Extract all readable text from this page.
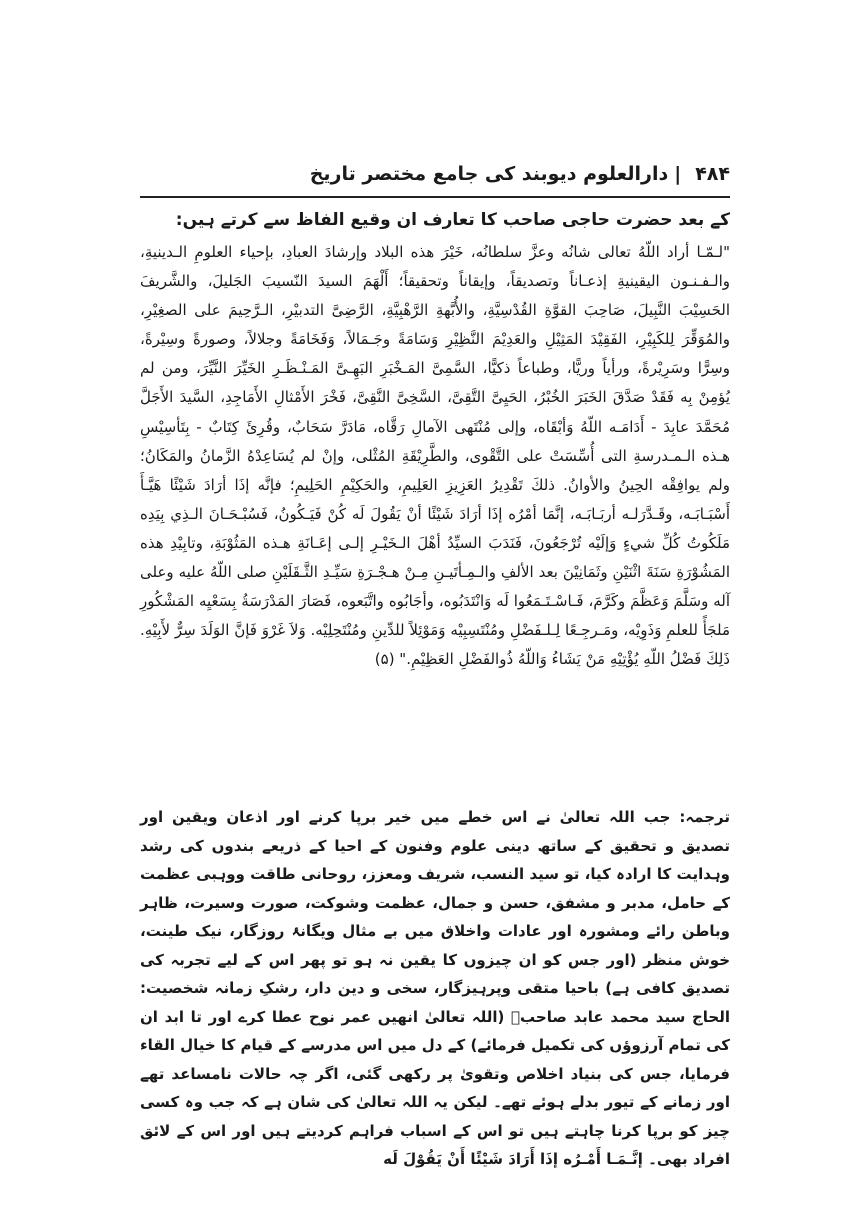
۴۸۴
|
دارالعلوم دیوبند کی جامع مختصر تاریخ
کے بعد حضرت حاجی صاحب کا تعارف ان وقیع الفاظ سے کرتے ہیں:
"لـمّـا أراد اللّهُ تعالی شانُه وعزَّ سلطانُه، خَیْرَ هذه البلاد وإرشادَ العبادِ، بإحیاء العلومِ الـدینیةِ، والـفـنـون الیقینیةِ إذعـاناً وتصدیقاً، وإیقاناً وتحقیقاً؛ أَلْهَمَ السیدَ النّسیبَ الجَلیلَ، والشَّریفَ الحَسِیْبَ النَّبِیلَ، صَاحِبَ القوَّةِ القُدْسِیَّةِ، والأُبَّهةِ الرَّهْبِیَّةِ، الرَّضِیَّ التدبیْرِ، الـرَّحِیمَ علی الصغِیْرِ، والمُوَقِّرَ لِلكَبِیْرِ، الفَقِیْدَ المَثِیْلِ والعَدِیْمَ النَّظِیْرِ وَسَامَةً وجَـمَالاً، وَفَخَامَةً وجلالاً، وصورةً وسِیْرةً، وسِرًّا وسَرِیْرةً، ورأیاً وریًّا، وطباعاً ذكیًّا، السَّمِیَّ المَـخْبَرِ البَهِـیَّ المَـنْـظَـرِ الخَیِّرَ النَّیِّرَ، ومن لم یُؤمِنْ بِه فَقَدْ صَدَّقَ الخَبَرَ الخُبْرُ، الحَیِیَّ التَّقِیَّ، السَّخِیَّ النَّقِیَّ، فَخْرَ الأَمْثالِ الأَمَاجِدِ، السَّیدَ الأَجَلَّ مُحَمَّدَ عابِدَ - أَدَامَـه اللّهُ وَأبْقَاه، وإلی مُنْتَهی الآمالِ رَقَّاه، مَادَرَّ سَحَابٌ، وقُرِئَ كِتَابٌ - بِتَأسِیْسِ هـذه الـمـدرسةِ التی أُسِّسَتْ علی التَّقْوی، والطَّرِیْقَةِ المُثْلی، وإنْ لم یُسَاعِدْهُ الزَّمانُ والمَكَانُ؛ ولم یوافِقْه الحِینُ والأوانُ. ذلكَ تَقْدِیرُ العَزِیزِ العَلِیمِ، والحَكِیْمِ الحَلِیمِ؛ فإنَّه إذَا أرَادَ شَیْئًا هَیَّـأَ أَسْبَـابَـه، وقَـدَّرَلـه أربَـابَـه، إنَّمَا أمْرُه إذَا أرَادَ شَیْئًا أنْ یَقُولَ لَه كُنْ فَیَـكُونُ، فَسُبْـحَـانَ الـذِي بِیَدِه مَلَكُوتُ كُلِّ شيءٍ وَإلَیْه تُرْجَعُونَ، فَنَدَبَ السیِّدُ أهْلَ الـخَیْـرِ إلـی إعَـانَةِ هـذه المَثُوْبَةِ، وتابِیْدِ هذه المَشُوْرَةِ سَنَةَ اثْنَیْنِ وثَمَانِیْنَ بعد الألفِ والـمِـأتَیـنِ مِـنْ هـجْـرَةِ سَیِّـدِ الثَّـقَلَیْنِ صلی اللّهُ علیه وعلی آله وسَلَّمَ وَعَظَّمَ وكَرَّمَ، فَـاسْـتَـمَعُوا لَه وَانْتَدَبُوه، وأجَابُوه واتَّبَعوه، فَصَارَ المَدْرَسَةُ بِسَعْیِه المَشْكُورِ مَلجَأً للعلمِ وَذَوِیْه، ومَـرجِـعًا لِـلـفَضْلِ ومُنْتَسِبِیْه وَمَوْئِلاً للدِّینِ ومُنْتَحِلِیْه. وَلاَ غَرْوَ فَإنَّ الوَلَدَ سِرٌّ لأَبِیْهِ. ذَلِكَ فَضْلُ اللّهِ یُؤْتِیْهِ مَنْ یَشَاءُ وَاللّهُ ذُوالفَضْلِ العَظِیْمِ." (۵)
ترجمہ: جب اللہ تعالیٰ نے اس خطے میں خیر برپا کرنے اور اذعان ویقین اور تصدیق و تحقیق کے ساتھ دینی علوم وفنون کے احیا کے ذریعے بندوں کی رشد وہدایت کا ارادہ کیا، تو سید النسب، شریف ومعزز، روحانی طاقت ووہبی عظمت کے حامل، مدبر و مشفق، حسن و جمال، عظمت وشوکت، صورت وسیرت، ظاہر وباطن رائے ومشورہ اور عادات واخلاق میں بے مثال ویگانۂ روزگار، نیک طینت، خوش منظر (اور جس کو ان چیزوں کا یقین نہ ہو تو پھر اس کے لیے تجربہ کی تصدیق کافی ہے) باحیا متقی وپرہیزگار، سخی و دین دار، رشکِ زمانہ شخصیت: الحاج سید محمد عابد صاحبؒ (اللہ تعالیٰ انھیں عمر نوح عطا کرے اور تا ابد ان کی تمام آرزوؤں کی تکمیل فرمائے) کے دل میں اس مدرسے کے قیام کا خیال القاء فرمایا، جس کی بنیاد اخلاص وتقویٰ پر رکھی گئی، اگر چہ حالات نامساعد تھے اور زمانے کے تیور بدلے ہوئے تھے۔ لیکن یہ اللہ تعالیٰ کی شان ہے کہ جب وہ کسی چیز کو برپا کرنا چاہتے ہیں تو اس کے اسباب فراہم کردیتے ہیں اور اس کے لائق افراد بھی۔ إنَّـمَـا أَمْـرُه إذَا أَرَادَ شَیْئًا أَنْ یَقُوْلَ لَه
